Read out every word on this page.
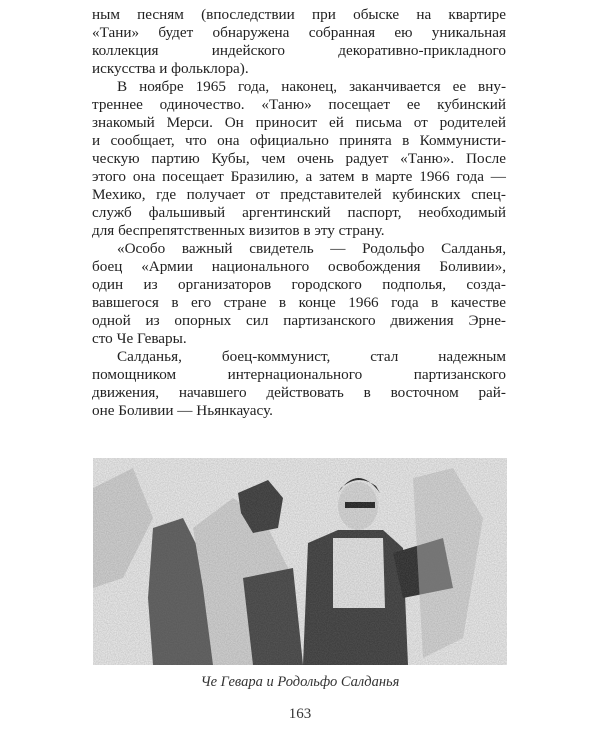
ным песням (впоследствии при обыске на квартире
«Тани» будет обнаружена собранная ею уникальная
коллекция индейского декоративно-прикладного
искусства и фольклора).
В ноябре 1965 года, наконец, заканчивается ее вну-
треннее одиночество. «Таню» посещает ее кубинский
знакомый Мерси. Он приносит ей письма от родителей
и сообщает, что она официально принята в Коммунисти-
ческую партию Кубы, чем очень радует «Таню». После
этого она посещает Бразилию, а затем в марте 1966 года —
Мехико, где получает от представителей кубинских спец-
служб фальшивый аргентинский паспорт, необходимый
для беспрепятственных визитов в эту страну.
«Особо важный свидетель — Родольфо Салданья,
боец «Армии национального освобождения Боливии»,
один из организаторов городского подполья, созда-
вавшегося в его стране в конце 1966 года в качестве
одной из опорных сил партизанского движения Эрне-
сто Че Гевары.
Салданья, боец-коммунист, стал надежным
помощником интернационального партизанского
движения, начавшего действовать в восточном рай-
оне Боливии — Ньянкауасу.
Че Гевара и Родольфо Салданья
163
